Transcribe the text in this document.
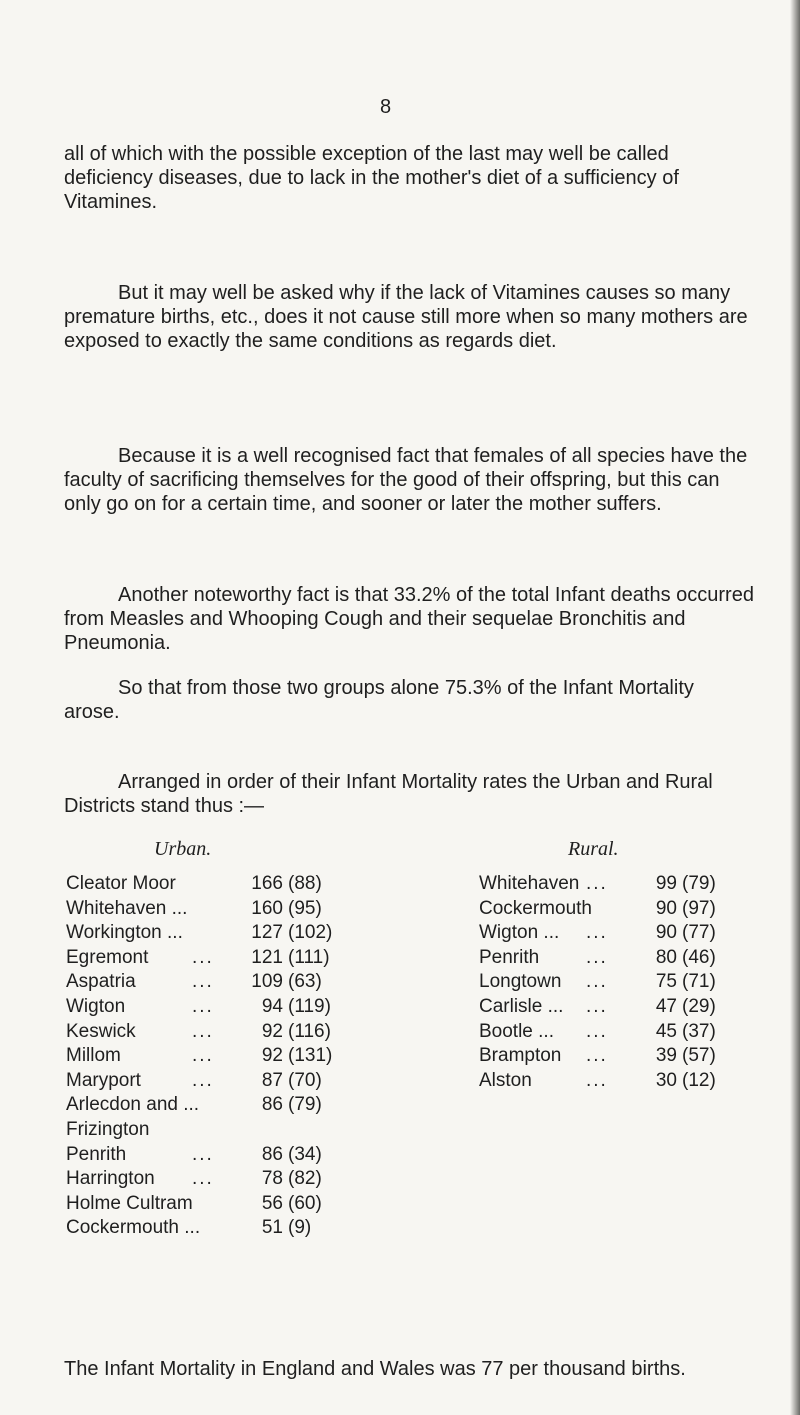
8

all of which with the possible exception of the last may well be called deficiency diseases, due to lack in the mother's diet of a sufficiency of Vitamines.

But it may well be asked why if the lack of Vitamines causes so many premature births, etc., does it not cause still more when so many mothers are exposed to exactly the same conditions as regards diet.

Because it is a well recognised fact that females of all species have the faculty of sacrificing themselves for the good of their offspring, but this can only go on for a certain time, and sooner or later the mother suffers.

Another noteworthy fact is that 33.2% of the total Infant deaths occurred from Measles and Whooping Cough and their sequelae Bronchitis and Pneumonia.

So that from those two groups alone 75.3% of the Infant Mortality arose.

Arranged in order of their Infant Mortality rates the Urban and Rural Districts stand thus :—

Urban.	Rural.
Cleator Moor	166 (88)	Whitehaven ...	99 (79)
Whitehaven ...	160 (95)	Cockermouth	90 (97)
Workington ...	127 (102)	Wigton ... ...	90 (77)
Egremont ...	121 (111)	Penrith ...	80 (46)
Aspatria	...	109 (63)	Longtown ...	75 (71)
Wigton	...	94 (119)	Carlisle ... ...	47 (29)
Keswick	...	92 (116)	Bootle ... ...	45 (37)
Millom	...	92 (131)	Brampton ...	39 (57)
Maryport	...	87 (70)	Alston	...	30 (12)
Arlecdon and ...	86 (79)
Frizington
Penrith	...	86 (34)
Harrington ...	78 (82)
Holme Cultram	56 (60)
Cockermouth ...	51 (9)

The Infant Mortality in England and Wales was 77 per thousand births.
